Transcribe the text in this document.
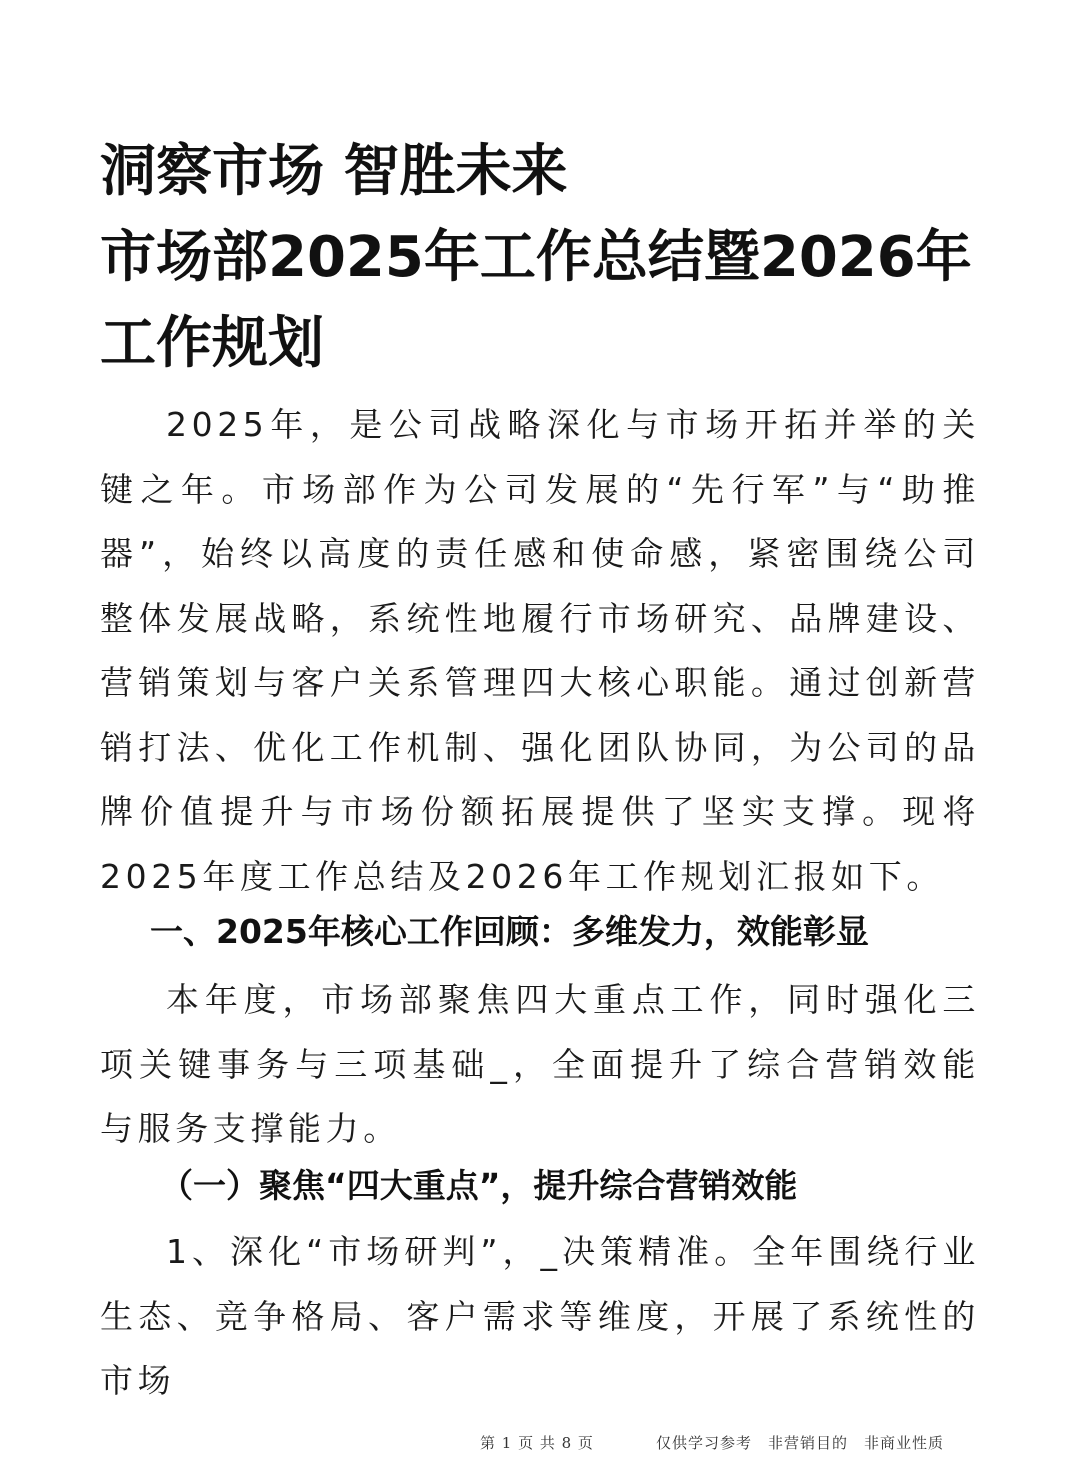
洞察市场 智胜未来
市场部2025年工作总结暨2026年工作规划

2025年，是公司战略深化与市场开拓并举的关键之年。市场部作为公司发展的“先行军”与“助推器”，始终以高度的责任感和使命感，紧密围绕公司整体发展战略，系统性地履行市场研究、品牌建设、营销策划与客户关系管理四大核心职能。通过创新营销打法、优化工作机制、强化团队协同，为公司的品牌价值提升与市场份额拓展提供了坚实支撑。现将2025年度工作总结及2026年工作规划汇报如下。

一、2025年核心工作回顾：多维发力，效能彰显

本年度，市场部聚焦四大重点工作，同时强化三项关键事务与三项基础_，全面提升了综合营销效能与服务支撑能力。

（一）聚焦“四大重点”，提升综合营销效能

1、深化“市场研判”，_决策精准。全年围绕行业生态、竞争格局、客户需求等维度，开展了系统性的市场

第 1 页 共 8 页	仅供学习参考　非营销目的　非商业性质
